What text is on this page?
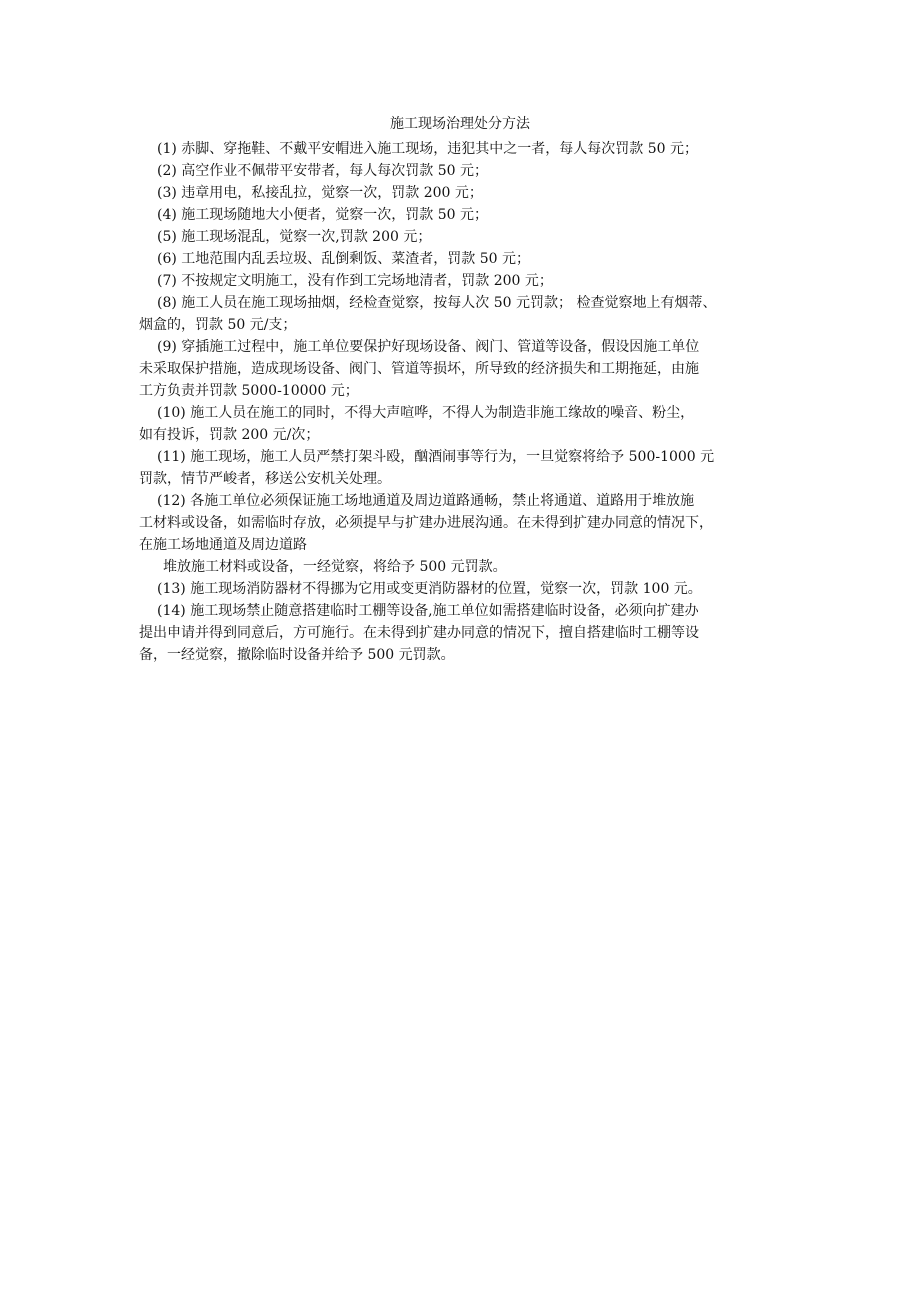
施工现场治理处分方法
(1) 赤脚、穿拖鞋、不戴平安帽进入施工现场，违犯其中之一者，每人每次罚款 50 元；
(2) 高空作业不佩带平安带者，每人每次罚款 50 元；
(3) 违章用电，私接乱拉，觉察一次，罚款 200 元；
(4) 施工现场随地大小便者，觉察一次，罚款 50 元；
(5) 施工现场混乱，觉察一次,罚款 200 元；
(6) 工地范围内乱丢垃圾、乱倒剩饭、菜渣者，罚款 50 元；
(7) 不按规定文明施工，没有作到工完场地清者，罚款 200 元；
(8) 施工人员在施工现场抽烟，经检查觉察，按每人次 50 元罚款； 检查觉察地上有烟蒂、
烟盒的，罚款 50 元/支；
(9) 穿插施工过程中，施工单位要保护好现场设备、阀门、管道等设备，假设因施工单位
未采取保护措施，造成现场设备、阀门、管道等损坏，所导致的经济损失和工期拖延，由施
工方负责并罚款 5000-10000 元；
(10) 施工人员在施工的同时，不得大声喧哗，不得人为制造非施工缘故的噪音、粉尘，
如有投诉，罚款 200 元/次；
(11) 施工现场，施工人员严禁打架斗殴，酗酒闹事等行为，一旦觉察将给予 500-1000 元
罚款，情节严峻者，移送公安机关处理。
(12) 各施工单位必须保证施工场地通道及周边道路通畅，禁止将通道、道路用于堆放施
工材料或设备，如需临时存放，必须提早与扩建办进展沟通。在未得到扩建办同意的情况下，
在施工场地通道及周边道路
堆放施工材料或设备，一经觉察，将给予 500 元罚款。
(13) 施工现场消防器材不得挪为它用或变更消防器材的位置，觉察一次，罚款 100 元。
(14) 施工现场禁止随意搭建临时工棚等设备,施工单位如需搭建临时设备，必须向扩建办
提出申请并得到同意后，方可施行。在未得到扩建办同意的情况下，擅自搭建临时工棚等设
备，一经觉察，撤除临时设备并给予 500 元罚款。
